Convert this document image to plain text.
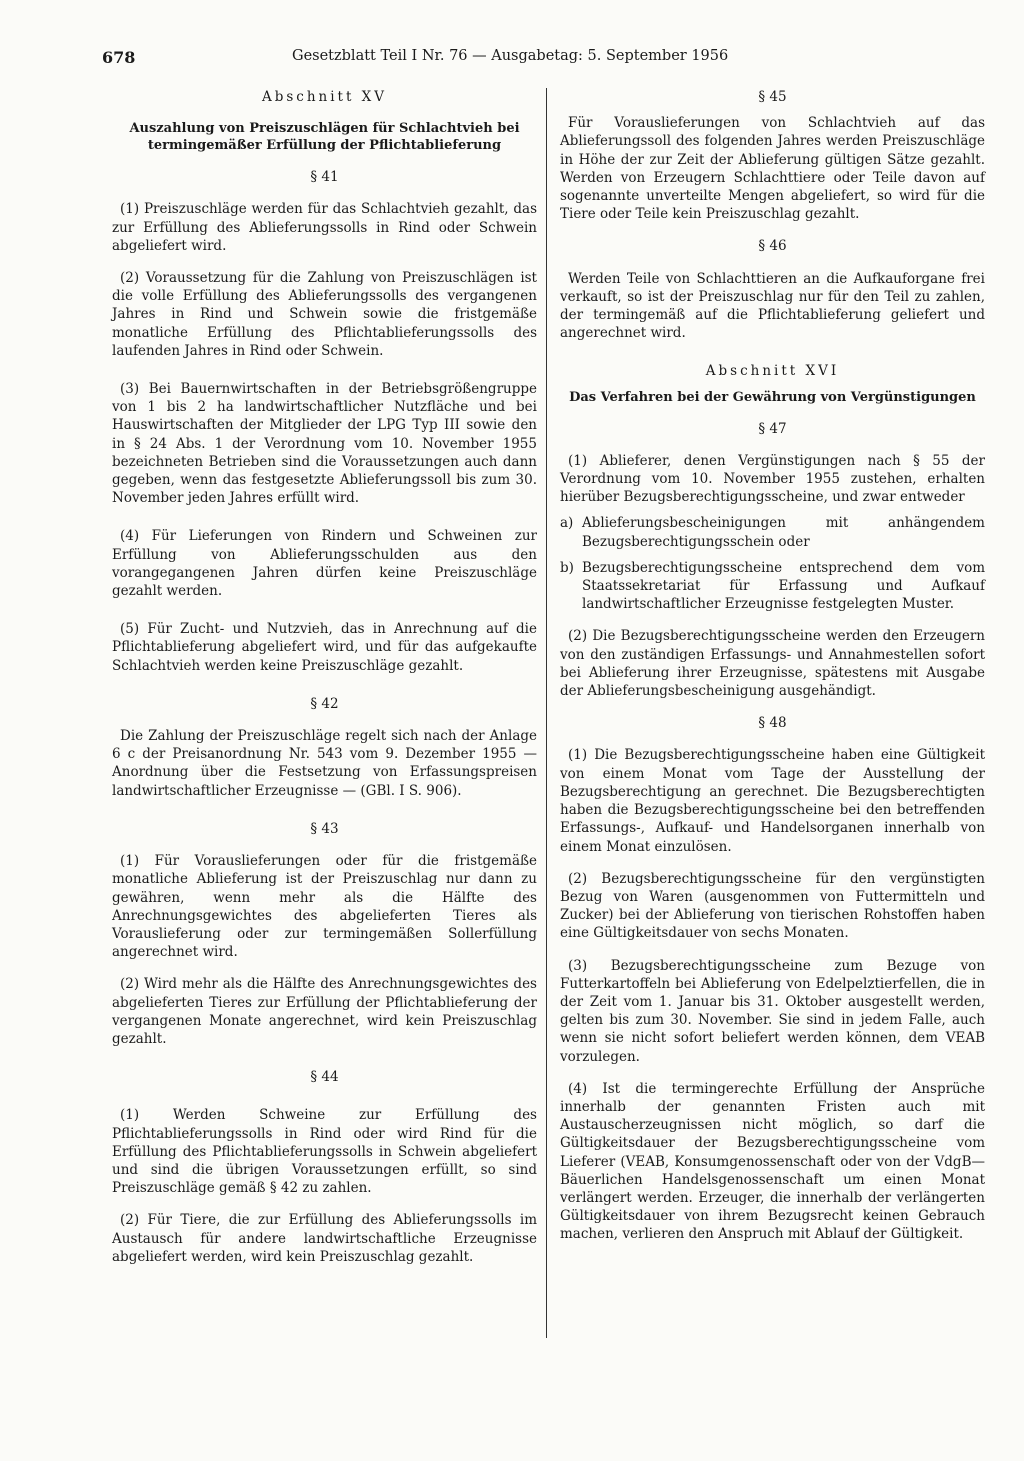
678	Gesetzblatt Teil I Nr. 76 — Ausgabetag: 5. September 1956

Abschnitt XV

Auszahlung von Preiszuschlägen für Schlachtvieh bei termingemäßer Erfüllung der Pflichtablieferung

§ 41

(1) Preiszuschläge werden für das Schlachtvieh gezahlt, das zur Erfüllung des Ablieferungssolls in Rind oder Schwein abgeliefert wird.

(2) Voraussetzung für die Zahlung von Preiszuschlägen ist die volle Erfüllung des Ablieferungssolls des vergangenen Jahres in Rind und Schwein sowie die fristgemäße monatliche Erfüllung des Pflichtablieferungssolls des laufenden Jahres in Rind oder Schwein.

(3) Bei Bauernwirtschaften in der Betriebsgrößengruppe von 1 bis 2 ha landwirtschaftlicher Nutzfläche und bei Hauswirtschaften der Mitglieder der LPG Typ III sowie den in § 24 Abs. 1 der Verordnung vom 10. November 1955 bezeichneten Betrieben sind die Voraussetzungen auch dann gegeben, wenn das festgesetzte Ablieferungssoll bis zum 30. November jeden Jahres erfüllt wird.

(4) Für Lieferungen von Rindern und Schweinen zur Erfüllung von Ablieferungsschulden aus den vorangegangenen Jahren dürfen keine Preiszuschläge gezahlt werden.

(5) Für Zucht- und Nutzvieh, das in Anrechnung auf die Pflichtablieferung abgeliefert wird, und für das aufgekaufte Schlachtvieh werden keine Preiszuschläge gezahlt.

§ 42

Die Zahlung der Preiszuschläge regelt sich nach der Anlage 6 c der Preisanordnung Nr. 543 vom 9. Dezember 1955 — Anordnung über die Festsetzung von Erfassungspreisen landwirtschaftlicher Erzeugnisse — (GBl. I S. 906).

§ 43

(1) Für Vorauslieferungen oder für die fristgemäße monatliche Ablieferung ist der Preiszuschlag nur dann zu gewähren, wenn mehr als die Hälfte des Anrechnungsgewichtes des abgelieferten Tieres als Vorauslieferung oder zur termingemäßen Sollerfüllung angerechnet wird.

(2) Wird mehr als die Hälfte des Anrechnungsgewichtes des abgelieferten Tieres zur Erfüllung der Pflichtablieferung der vergangenen Monate angerechnet, wird kein Preiszuschlag gezahlt.

§ 44

(1) Werden Schweine zur Erfüllung des Pflichtablieferungssolls in Rind oder wird Rind für die Erfüllung des Pflichtablieferungssolls in Schwein abgeliefert und sind die übrigen Voraussetzungen erfüllt, so sind Preiszuschläge gemäß § 42 zu zahlen.

(2) Für Tiere, die zur Erfüllung des Ablieferungssolls im Austausch für andere landwirtschaftliche Erzeugnisse abgeliefert werden, wird kein Preiszuschlag gezahlt.

§ 45

Für Vorauslieferungen von Schlachtvieh auf das Ablieferungssoll des folgenden Jahres werden Preiszuschläge in Höhe der zur Zeit der Ablieferung gültigen Sätze gezahlt. Werden von Erzeugern Schlachttiere oder Teile davon auf sogenannte unverteilte Mengen abgeliefert, so wird für die Tiere oder Teile kein Preiszuschlag gezahlt.

§ 46

Werden Teile von Schlachttieren an die Aufkauforgane frei verkauft, so ist der Preiszuschlag nur für den Teil zu zahlen, der termingemäß auf die Pflichtablieferung geliefert und angerechnet wird.

Abschnitt XVI

Das Verfahren bei der Gewährung von Vergünstigungen

§ 47

(1) Ablieferer, denen Vergünstigungen nach § 55 der Verordnung vom 10. November 1955 zustehen, erhalten hierüber Bezugsberechtigungsscheine, und zwar entweder

a) Ablieferungsbescheinigungen mit anhängendem Bezugsberechtigungsschein oder
b) Bezugsberechtigungsscheine entsprechend dem vom Staatssekretariat für Erfassung und Aufkauf landwirtschaftlicher Erzeugnisse festgelegten Muster.

(2) Die Bezugsberechtigungsscheine werden den Erzeugern von den zuständigen Erfassungs- und Annahmestellen sofort bei Ablieferung ihrer Erzeugnisse, spätestens mit Ausgabe der Ablieferungsbescheinigung ausgehändigt.

§ 48

(1) Die Bezugsberechtigungsscheine haben eine Gültigkeit von einem Monat vom Tage der Ausstellung der Bezugsberechtigung an gerechnet. Die Bezugsberechtigten haben die Bezugsberechtigungsscheine bei den betreffenden Erfassungs-, Aufkauf- und Handelsorganen innerhalb von einem Monat einzulösen.

(2) Bezugsberechtigungsscheine für den vergünstigten Bezug von Waren (ausgenommen von Futtermitteln und Zucker) bei der Ablieferung von tierischen Rohstoffen haben eine Gültigkeitsdauer von sechs Monaten.

(3) Bezugsberechtigungsscheine zum Bezuge von Futterkartoffeln bei Ablieferung von Edelpelztierfellen, die in der Zeit vom 1. Januar bis 31. Oktober ausgestellt werden, gelten bis zum 30. November. Sie sind in jedem Falle, auch wenn sie nicht sofort beliefert werden können, dem VEAB vorzulegen.

(4) Ist die termingerechte Erfüllung der Ansprüche innerhalb der genannten Fristen auch mit Austauscherzeugnissen nicht möglich, so darf die Gültigkeitsdauer der Bezugsberechtigungsscheine vom Lieferer (VEAB, Konsumgenossenschaft oder von der VdgB— Bäuerlichen Handelsgenossenschaft um einen Monat verlängert werden. Erzeuger, die innerhalb der verlängerten Gültigkeitsdauer von ihrem Bezugsrecht keinen Gebrauch machen, verlieren den Anspruch mit Ablauf der Gültigkeit.
